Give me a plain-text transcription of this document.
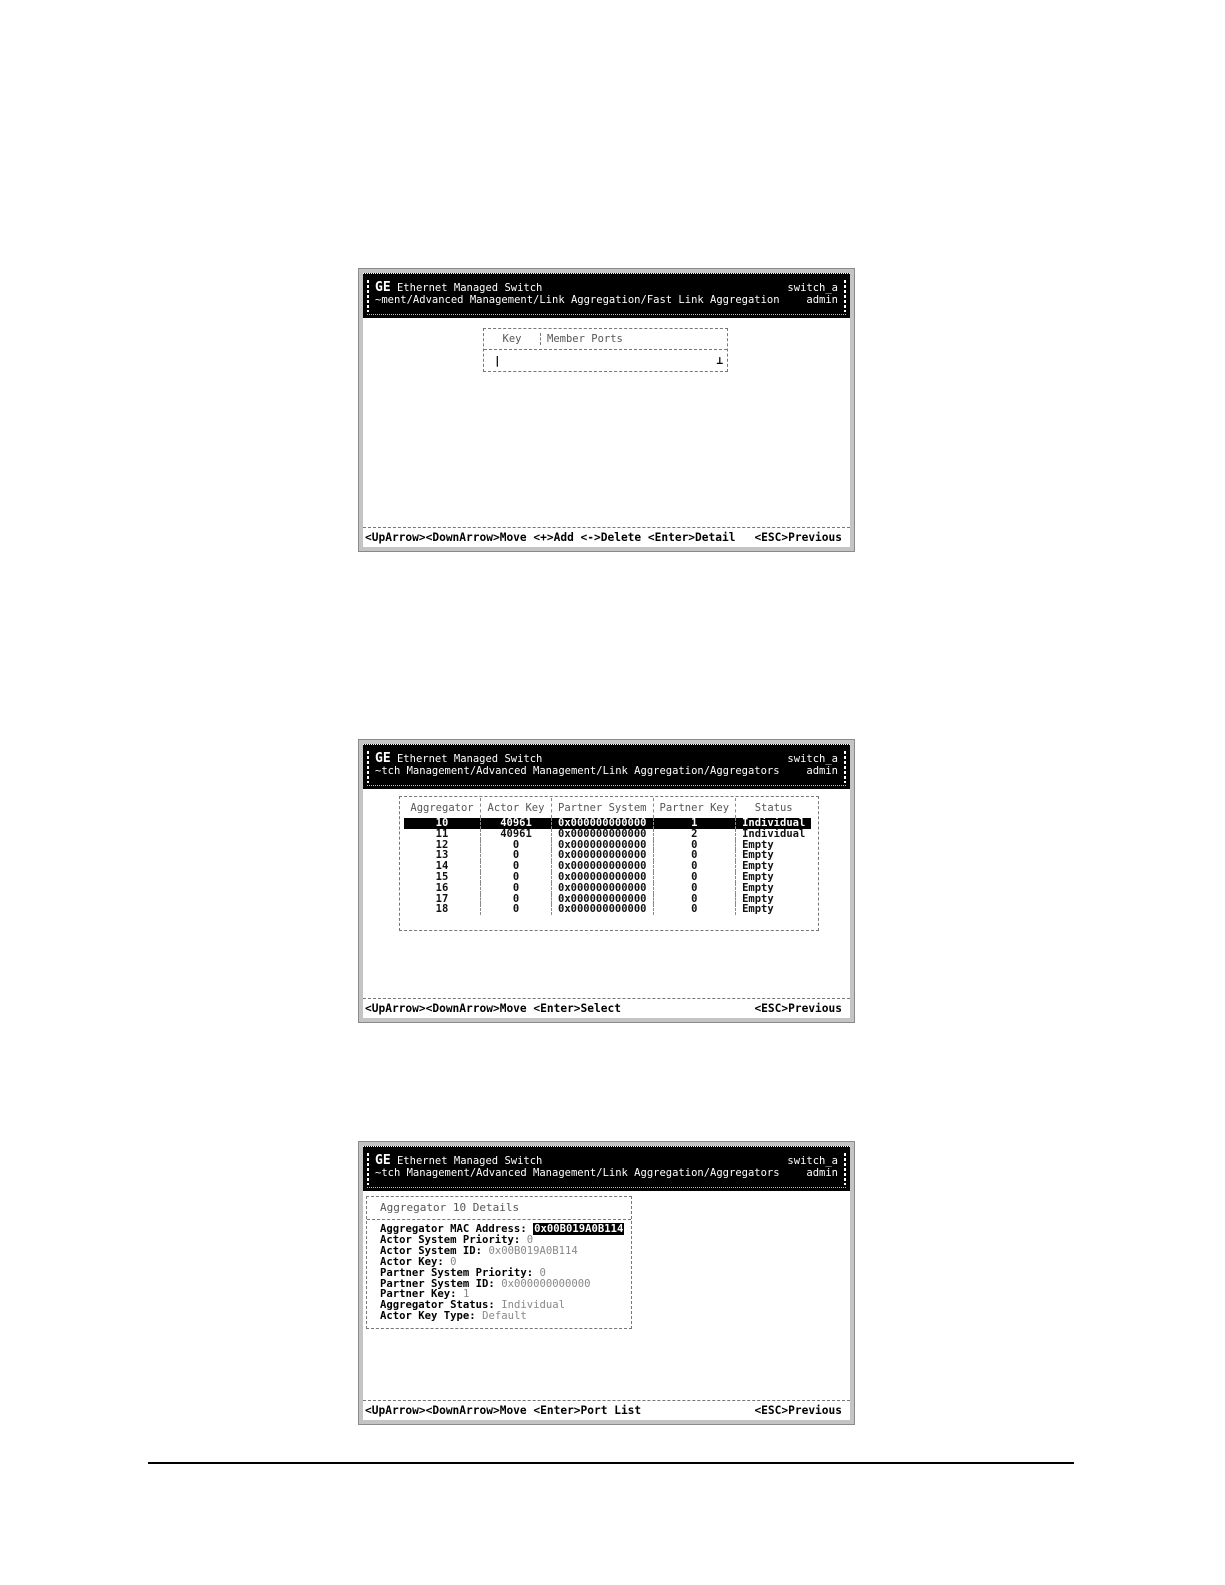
GE Ethernet Managed Switch	switch_a
~ment/Advanced Management/Link Aggregation/Fast Link Aggregation	admin
Key	Member Ports
|	⊥
<UpArrow><DownArrow>Move <+>Add <->Delete <Enter>Detail <ESC>Previous
GE Ethernet Managed Switch	switch_a
~tch Management/Advanced Management/Link Aggregation/Aggregators	admin
Aggregator	Actor Key	Partner System	Partner Key	Status
10	40961	0x000000000000	1	Individual
11	40961	0x000000000000	2	Individual
12	0	0x000000000000	0	Empty
13	0	0x000000000000	0	Empty
14	0	0x000000000000	0	Empty
15	0	0x000000000000	0	Empty
16	0	0x000000000000	0	Empty
17	0	0x000000000000	0	Empty
18	0	0x000000000000	0	Empty
<UpArrow><DownArrow>Move <Enter>Select	<ESC>Previous
GE Ethernet Managed Switch	switch_a
~tch Management/Advanced Management/Link Aggregation/Aggregators	admin
Aggregator 10 Details
Aggregator MAC Address: 0x00B019A0B114
Actor System Priority: 0
Actor System ID: 0x00B019A0B114
Actor Key: 0
Partner System Priority: 0
Partner System ID: 0x000000000000
Partner Key: 1
Aggregator Status: Individual
Actor Key Type: Default
<UpArrow><DownArrow>Move <Enter>Port List	<ESC>Previous
